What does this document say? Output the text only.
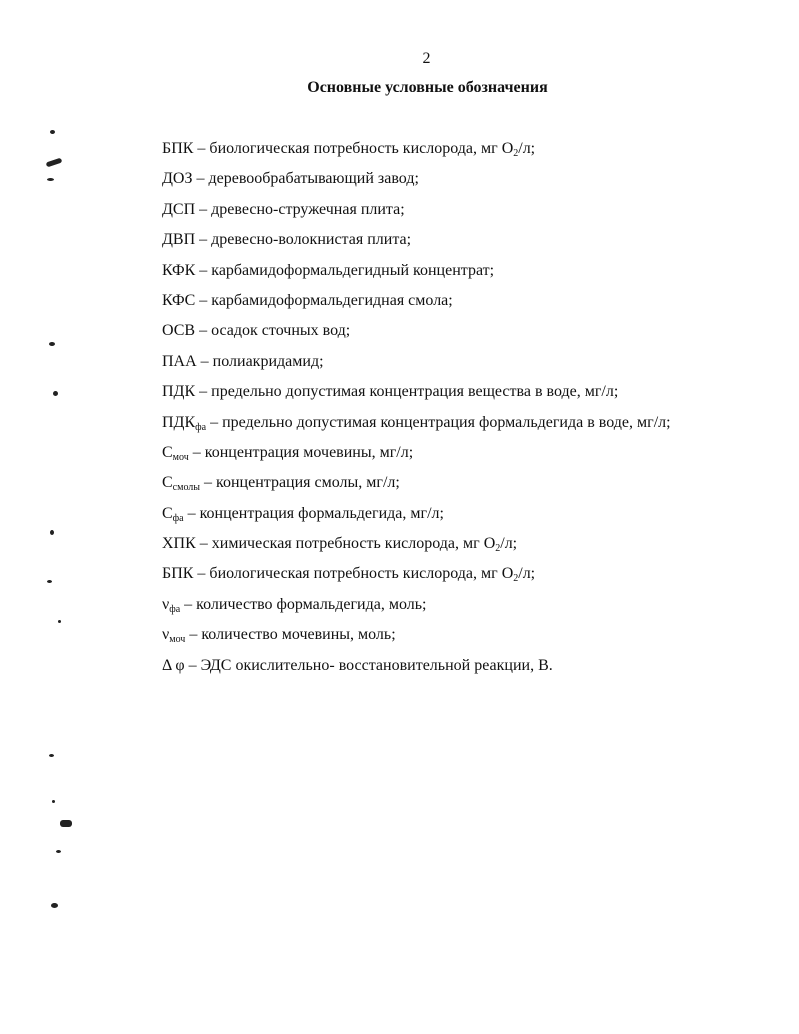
2
Основные условные обозначения
БПК – биологическая потребность кислорода, мг $O_2/л$;
ДОЗ – деревообрабатывающий завод;
ДСП – древесно-стружечная плита;
ДВП – древесно-волокнистая плита;
КФК – карбамидоформальдегидный концентрат;
КФС – карбамидоформальдегидная смола;
ОСВ – осадок сточных вод;
ПАА – полиакридамид;
ПДК – предельно допустимая концентрация вещества в воде, мг/л;
$ПДК_{фа}$ – предельно допустимая концентрация формальдегида в воде, мг/л;
$С_{моч}$ – концентрация мочевины, мг/л;
$С_{смолы}$ – концентрация смолы, мг/л;
$С_{фа}$ – концентрация формальдегида, мг/л;
ХПК – химическая потребность кислорода, мг $O_2/л$;
БПК – биологическая потребность кислорода, мг $O_2/л$;
$\nu_{фа}$ – количество формальдегида, моль;
$\nu_{моч}$ – количество мочевины, моль;
Δ φ – ЭДС окислительно- восстановительной реакции, В.
